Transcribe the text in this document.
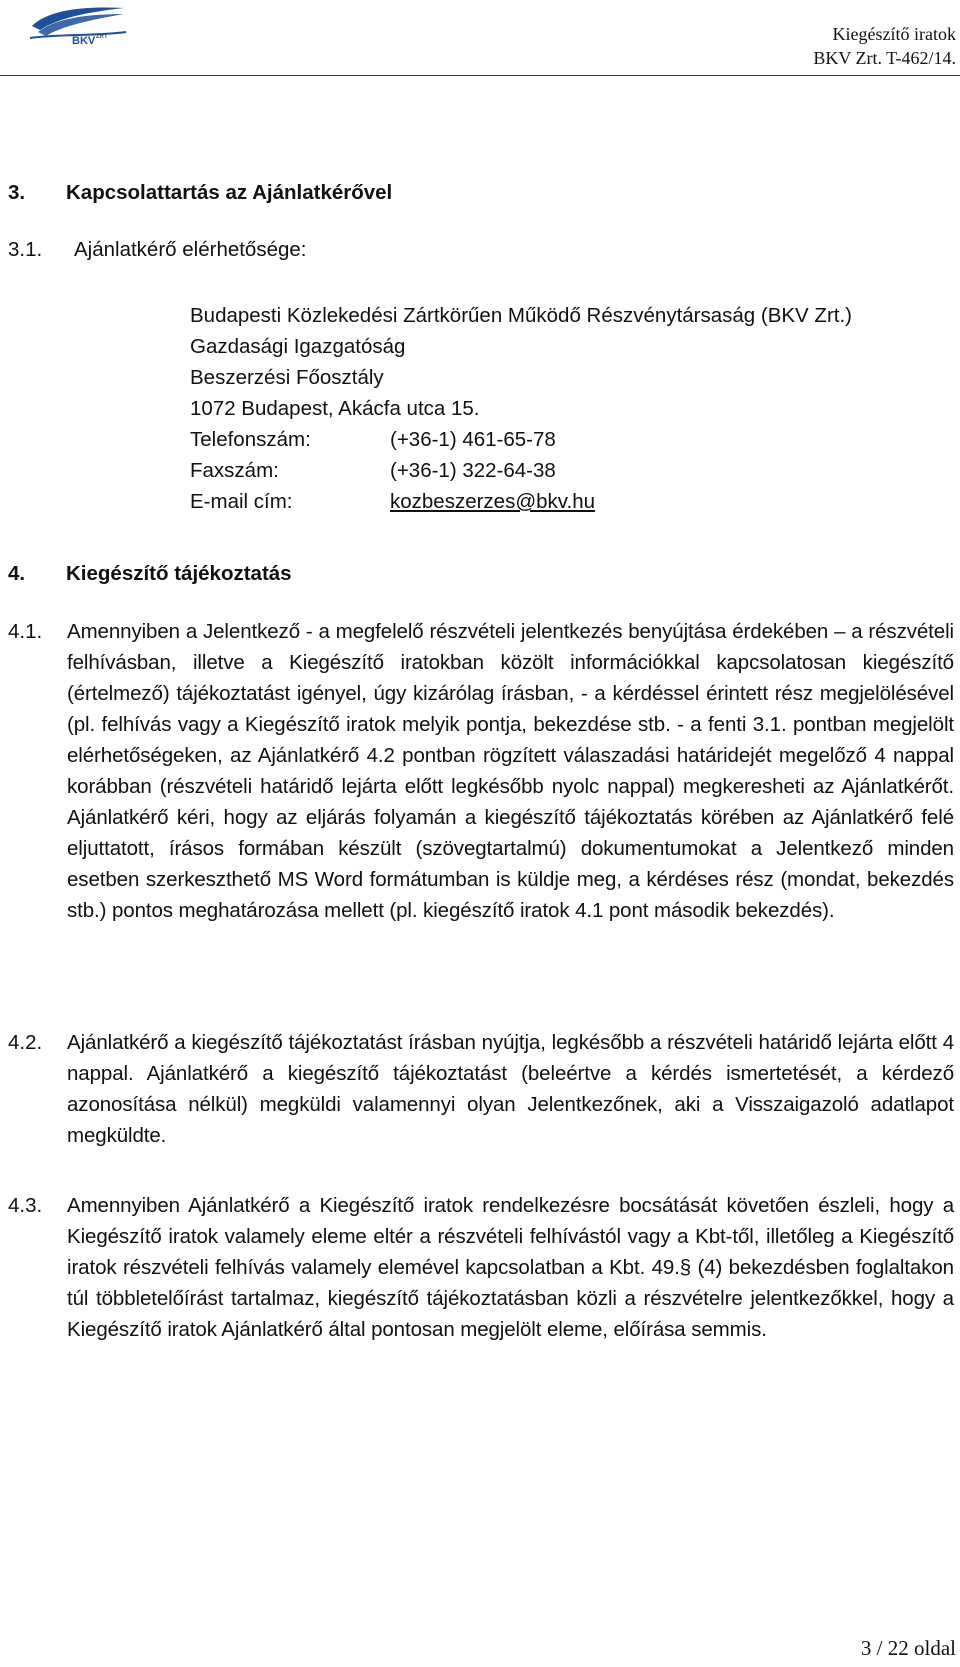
BKV ZRT	Kiegészítő iratok
BKV Zrt. T-462/14.
3. Kapcsolattartás az Ajánlatkérővel
3.1. Ajánlatkérő elérhetősége:
Budapesti Közlekedési Zártkörűen Működő Részvénytársaság (BKV Zrt.)
Gazdasági Igazgatóság
Beszerzési Főosztály
1072 Budapest, Akácfa utca 15.
Telefonszám:	(+36-1) 461-65-78
Faxszám:	(+36-1) 322-64-38
E-mail cím:	kozbeszerzes@bkv.hu
4. Kiegészítő tájékoztatás
4.1. Amennyiben a Jelentkező - a megfelelő részvételi jelentkezés benyújtása érdekében – a részvételi felhívásban, illetve a Kiegészítő iratokban közölt információkkal kapcsolatosan kiegészítő (értelmező) tájékoztatást igényel, úgy kizárólag írásban, - a kérdéssel érintett rész megjelölésével (pl. felhívás vagy a Kiegészítő iratok melyik pontja, bekezdése stb. - a fenti 3.1. pontban megjelölt elérhetőségeken, az Ajánlatkérő 4.2 pontban rögzített válaszadási határidejét megelőző 4 nappal korábban (részvételi határidő lejárta előtt legkésőbb nyolc nappal) megkeresheti az Ajánlatkérőt. Ajánlatkérő kéri, hogy az eljárás folyamán a kiegészítő tájékoztatás körében az Ajánlatkérő felé eljuttatott, írásos formában készült (szövegtartalmú) dokumentumokat a Jelentkező minden esetben szerkeszthető MS Word formátumban is küldje meg, a kérdéses rész (mondat, bekezdés stb.) pontos meghatározása mellett (pl. kiegészítő iratok 4.1 pont második bekezdés).
4.2. Ajánlatkérő a kiegészítő tájékoztatást írásban nyújtja, legkésőbb a részvételi határidő lejárta előtt 4 nappal. Ajánlatkérő a kiegészítő tájékoztatást (beleértve a kérdés ismertetését, a kérdező azonosítása nélkül) megküldi valamennyi olyan Jelentkezőnek, aki a Visszaigazoló adatlapot megküldte.
4.3. Amennyiben Ajánlatkérő a Kiegészítő iratok rendelkezésre bocsátását követően észleli, hogy a Kiegészítő iratok valamely eleme eltér a részvételi felhívástól vagy a Kbt-től, illetőleg a Kiegészítő iratok részvételi felhívás valamely elemével kapcsolatban a Kbt. 49.§ (4) bekezdésben foglaltakon túl többletelőírást tartalmaz, kiegészítő tájékoztatásban közli a részvételre jelentkezőkkel, hogy a Kiegészítő iratok Ajánlatkérő által pontosan megjelölt eleme, előírása semmis.
3 / 22 oldal
